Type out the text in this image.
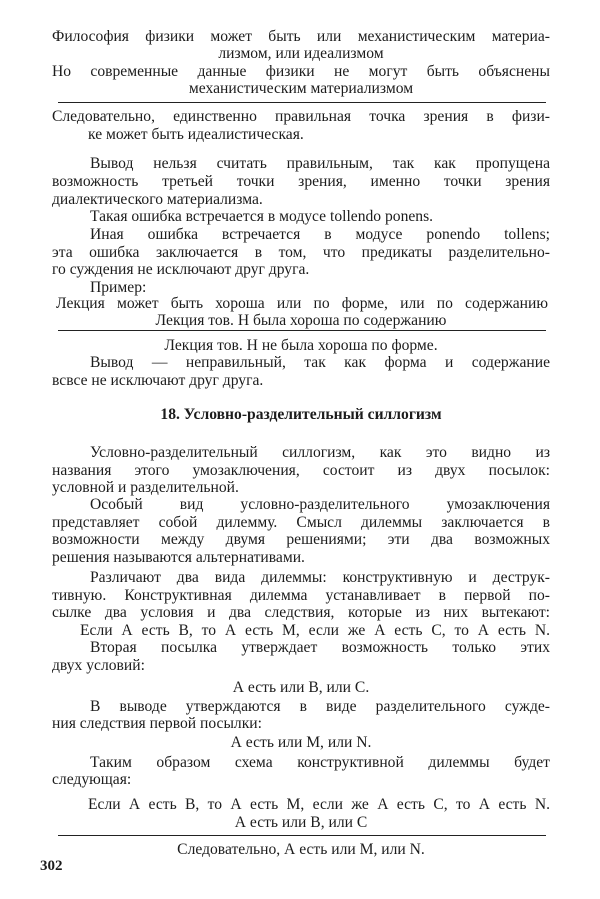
Философия физики может быть или механистическим материа-
лизмом, или идеализмом
Но современные данные физики не могут быть объяснены
механистическим материализмом
Следовательно, единственно правильная точка зрения в физи-
ке может быть идеалистическая.
Вывод нельзя считать правильным, так как пропущена
возможность третьей точки зрения, именно точки зрения
диалектического материализма.
Такая ошибка встречается в модусе tollendo ponens.
Иная ошибка встречается в модусе ponendo tollens;
эта ошибка заключается в том, что предикаты разделительно-
го суждения не исключают друг друга.
Пример:
Лекция может быть хороша или по форме, или по содержанию
Лекция тов. Н была хороша по содержанию
Лекция тов. Н не была хороша по форме.
Вывод — неправильный, так как форма и содержание
всвсе не исключают друг друга.
18. Условно-разделительный силлогизм
Условно-разделительный силлогизм, как это видно из
названия этого умозаключения, состоит из двух посылок:
условной и разделительной.
Особый вид условно-разделительного умозаключения
представляет собой дилемму. Смысл дилеммы заключается в
возможности между двумя решениями; эти два возможных
решения называются альтернативами.
Различают два вида дилеммы: конструктивную и деструк-
тивную. Конструктивная дилемма устанавливает в первой по-
сылке два условия и два следствия, которые из них вытекают:
Если А есть В, то А есть М, если же А есть С, то А есть N.
Вторая посылка утверждает возможность только этих
двух условий:
А есть или В, или С.
В выводе утверждаются в виде разделительного сужде-
ния следствия первой посылки:
А есть или М, или N.
Таким образом схема конструктивной дилеммы будет
следующая:
Если А есть В, то А есть М, если же А есть С, то А есть N.
А есть или В, или С
Следовательно, А есть или М, или N.
302
